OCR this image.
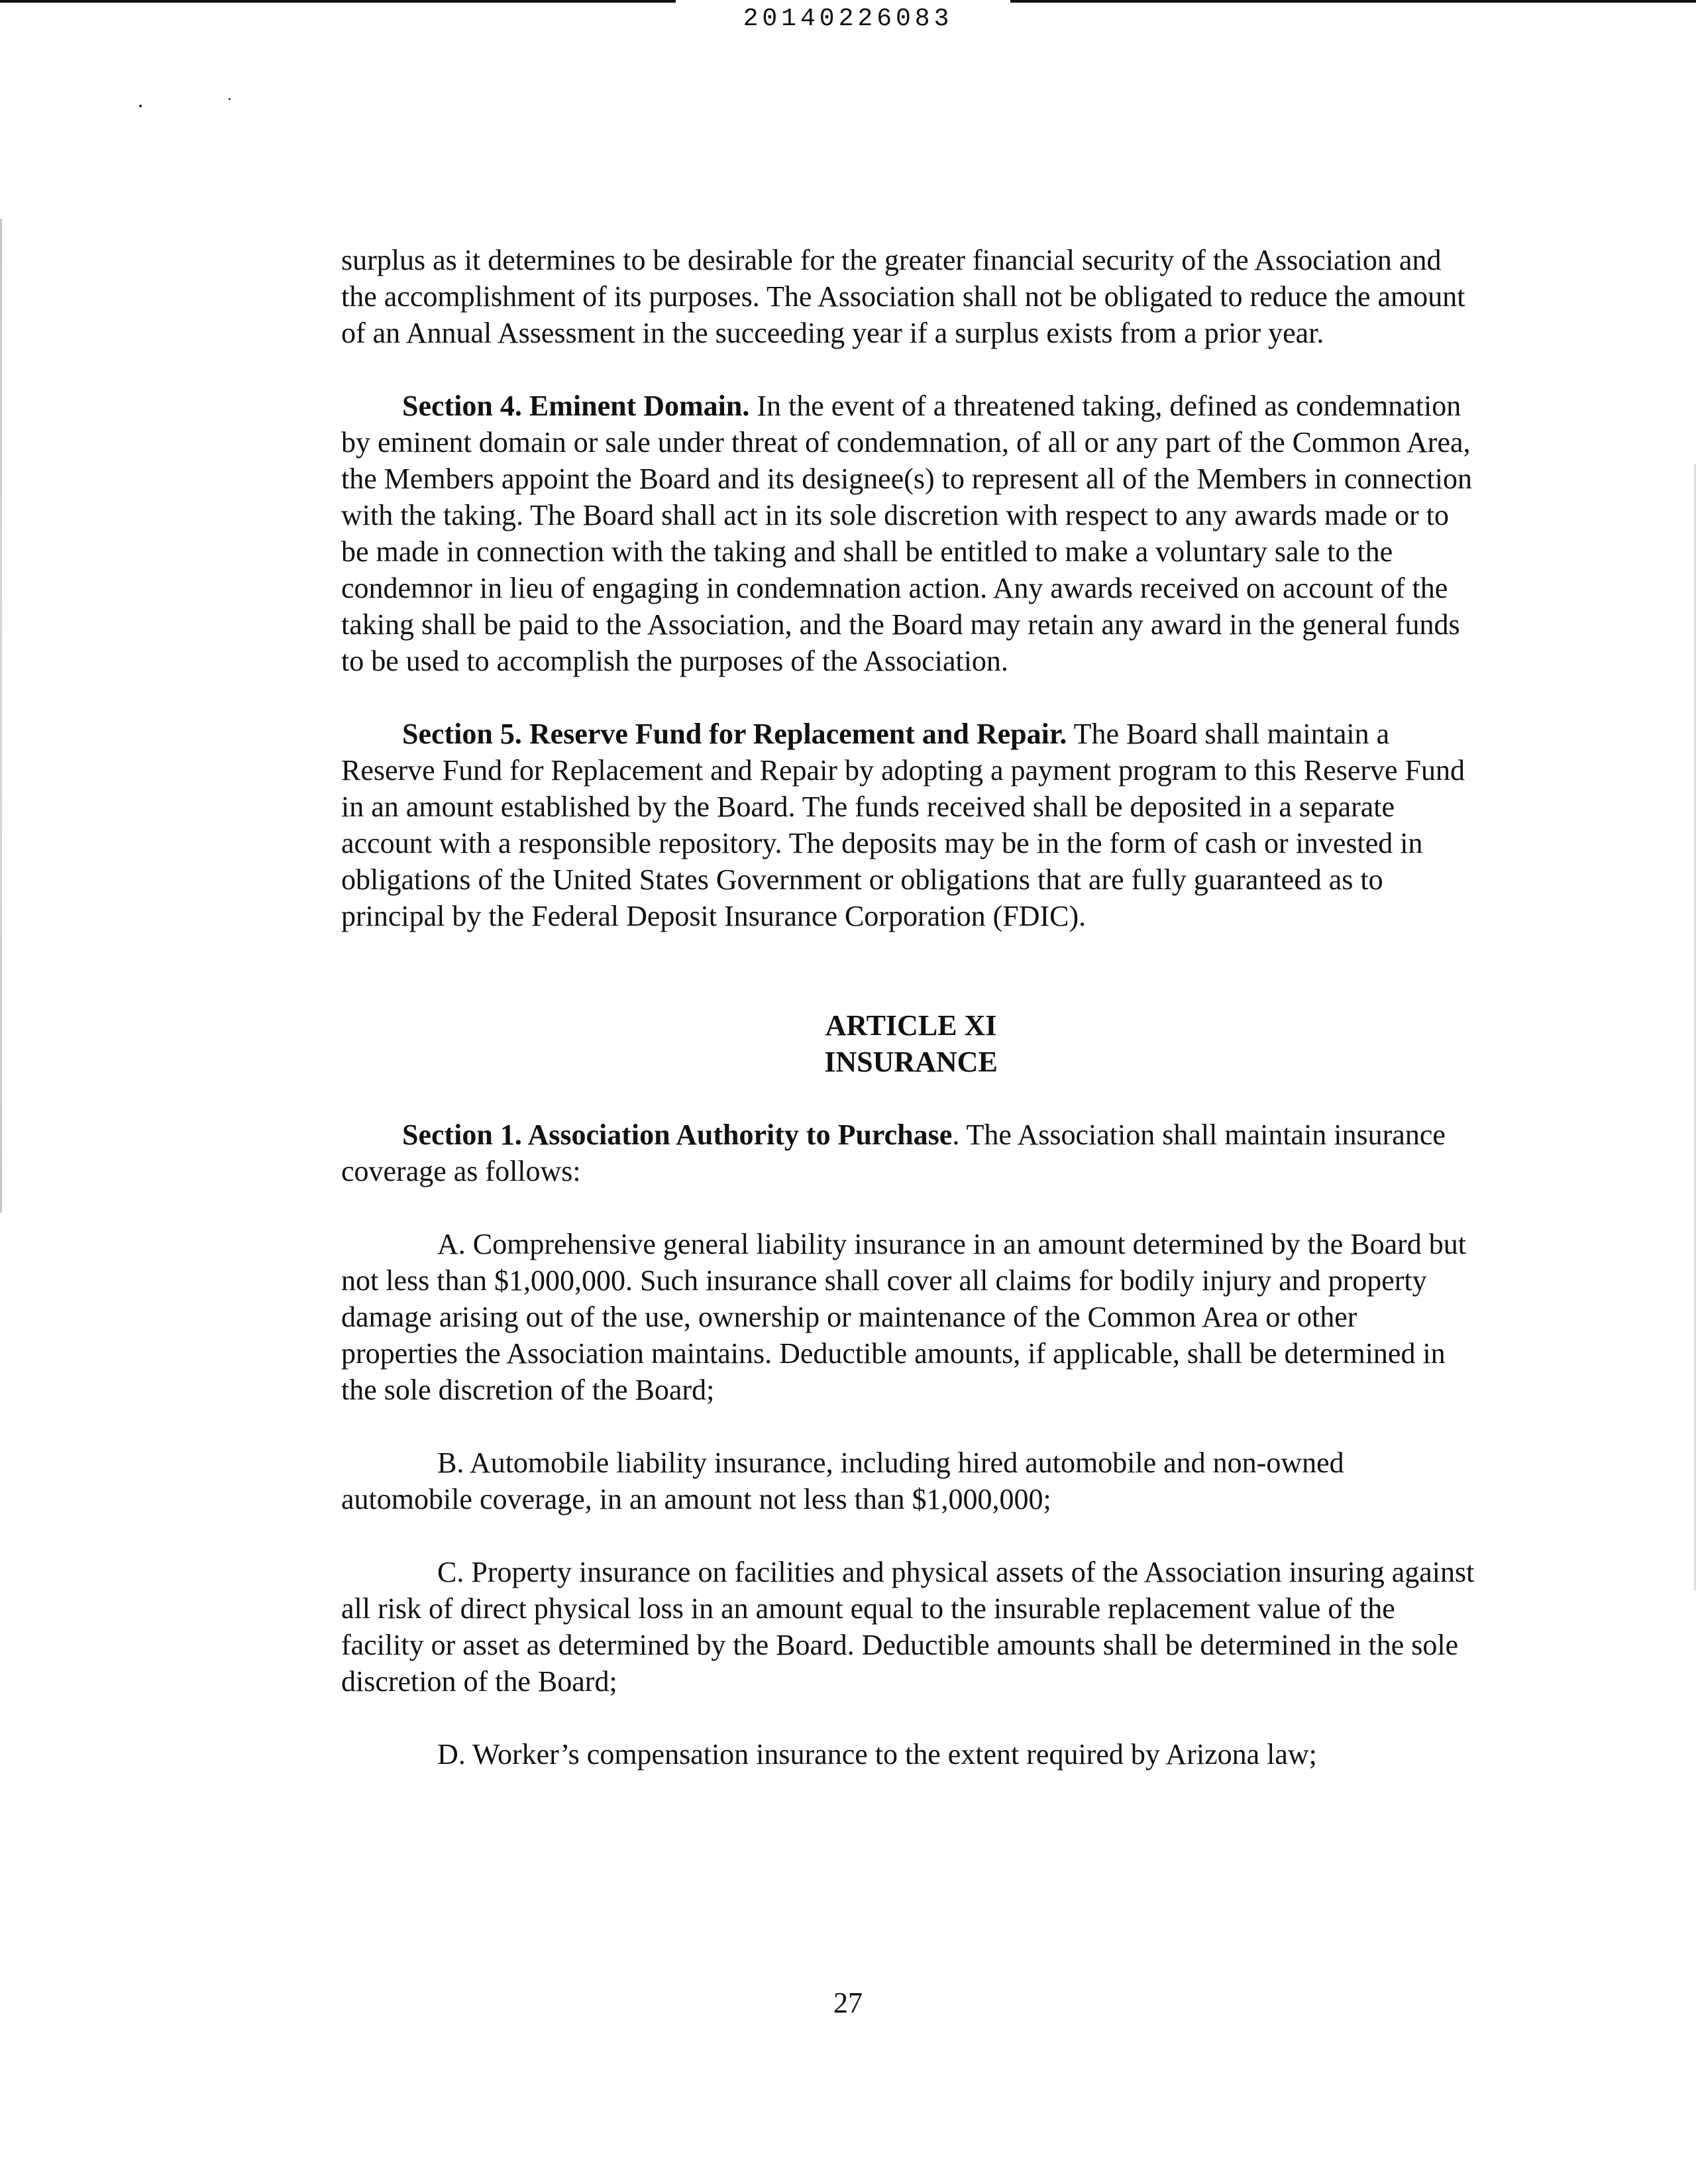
20140226083

surplus as it determines to be desirable for the greater financial security of the Association and the accomplishment of its purposes. The Association shall not be obligated to reduce the amount of an Annual Assessment in the succeeding year if a surplus exists from a prior year.

Section 4. Eminent Domain. In the event of a threatened taking, defined as condemnation by eminent domain or sale under threat of condemnation, of all or any part of the Common Area, the Members appoint the Board and its designee(s) to represent all of the Members in connection with the taking. The Board shall act in its sole discretion with respect to any awards made or to be made in connection with the taking and shall be entitled to make a voluntary sale to the condemnor in lieu of engaging in condemnation action. Any awards received on account of the taking shall be paid to the Association, and the Board may retain any award in the general funds to be used to accomplish the purposes of the Association.

Section 5. Reserve Fund for Replacement and Repair. The Board shall maintain a Reserve Fund for Replacement and Repair by adopting a payment program to this Reserve Fund in an amount established by the Board. The funds received shall be deposited in a separate account with a responsible repository. The deposits may be in the form of cash or invested in obligations of the United States Government or obligations that are fully guaranteed as to principal by the Federal Deposit Insurance Corporation (FDIC).

ARTICLE XI
INSURANCE

Section 1. Association Authority to Purchase. The Association shall maintain insurance coverage as follows:

A. Comprehensive general liability insurance in an amount determined by the Board but not less than $1,000,000. Such insurance shall cover all claims for bodily injury and property damage arising out of the use, ownership or maintenance of the Common Area or other properties the Association maintains. Deductible amounts, if applicable, shall be determined in the sole discretion of the Board;

B. Automobile liability insurance, including hired automobile and non-owned automobile coverage, in an amount not less than $1,000,000;

C. Property insurance on facilities and physical assets of the Association insuring against all risk of direct physical loss in an amount equal to the insurable replacement value of the facility or asset as determined by the Board. Deductible amounts shall be determined in the sole discretion of the Board;

D. Worker’s compensation insurance to the extent required by Arizona law;

27
